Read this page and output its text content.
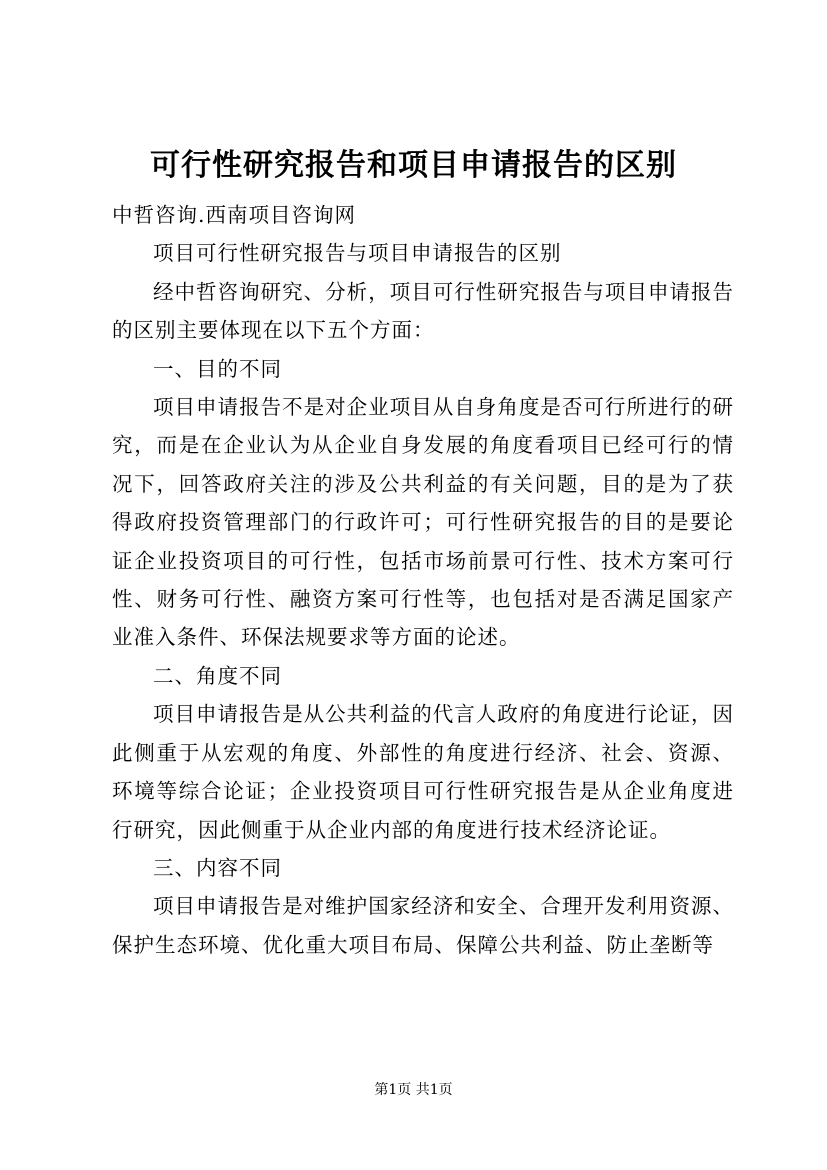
可行性研究报告和项目申请报告的区别

中哲咨询.西南项目咨询网

项目可行性研究报告与项目申请报告的区别

经中哲咨询研究、分析，项目可行性研究报告与项目申请报告的区别主要体现在以下五个方面：

一、目的不同

项目申请报告不是对企业项目从自身角度是否可行所进行的研究，而是在企业认为从企业自身发展的角度看项目已经可行的情况下，回答政府关注的涉及公共利益的有关问题，目的是为了获得政府投资管理部门的行政许可；可行性研究报告的目的是要论证企业投资项目的可行性，包括市场前景可行性、技术方案可行性、财务可行性、融资方案可行性等，也包括对是否满足国家产业准入条件、环保法规要求等方面的论述。

二、角度不同

项目申请报告是从公共利益的代言人政府的角度进行论证，因此侧重于从宏观的角度、外部性的角度进行经济、社会、资源、环境等综合论证；企业投资项目可行性研究报告是从企业角度进行研究，因此侧重于从企业内部的角度进行技术经济论证。

三、内容不同

项目申请报告是对维护国家经济和安全、合理开发利用资源、保护生态环境、优化重大项目布局、保障公共利益、防止垄断等

第1页 共1页
